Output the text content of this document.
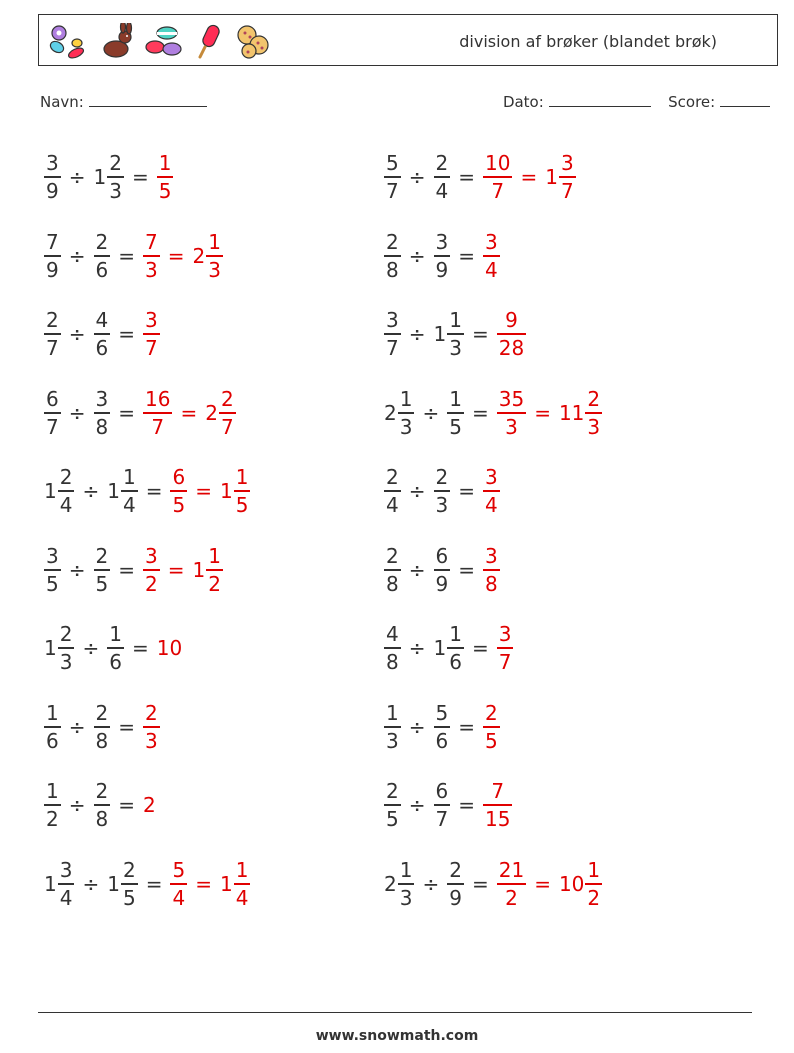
division af brøker (blandet brøk)
Navn:	Dato:	Score:
$\frac{3}{9} \div 1 \frac{2}{3} = \frac{1}{5}$	$\frac{5}{7} \div \frac{2}{4} = \frac{10}{7} = 1 \frac{3}{7}$
$\frac{7}{9} \div \frac{2}{6} = \frac{7}{3} = 2 \frac{1}{3}$	$\frac{2}{8} \div \frac{3}{9} = \frac{3}{4}$
$\frac{2}{7} \div \frac{4}{6} = \frac{3}{7}$	$\frac{3}{7} \div 1 \frac{1}{3} = \frac{9}{28}$
$\frac{6}{7} \div \frac{3}{8} = \frac{16}{7} = 2 \frac{2}{7}$	$2 \frac{1}{3} \div \frac{1}{5} = \frac{35}{3} = 11 \frac{2}{3}$
$1 \frac{2}{4} \div 1 \frac{1}{4} = \frac{6}{5} = 1 \frac{1}{5}$	$\frac{2}{4} \div \frac{2}{3} = \frac{3}{4}$
$\frac{3}{5} \div \frac{2}{5} = \frac{3}{2} = 1 \frac{1}{2}$	$\frac{2}{8} \div \frac{6}{9} = \frac{3}{8}$
$1 \frac{2}{3} \div \frac{1}{6} = 10$	$\frac{4}{8} \div 1 \frac{1}{6} = \frac{3}{7}$
$\frac{1}{6} \div \frac{2}{8} = \frac{2}{3}$	$\frac{1}{3} \div \frac{5}{6} = \frac{2}{5}$
$\frac{1}{2} \div \frac{2}{8} = 2$	$\frac{2}{5} \div \frac{6}{7} = \frac{7}{15}$
$1 \frac{3}{4} \div 1 \frac{2}{5} = \frac{5}{4} = 1 \frac{1}{4}$	$2 \frac{1}{3} \div \frac{2}{9} = \frac{21}{2} = 10 \frac{1}{2}$
www.snowmath.com
